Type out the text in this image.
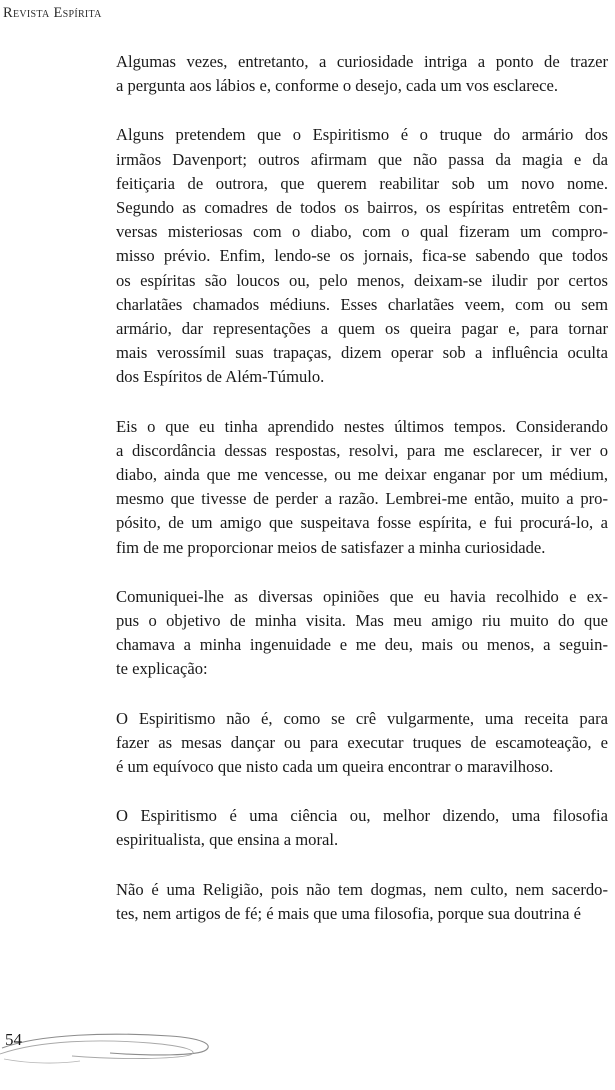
Revista Espírita

Algumas vezes, entretanto, a curiosidade intriga a ponto de trazer
a pergunta aos lábios e, conforme o desejo, cada um vos esclarece.

Alguns pretendem que o Espiritismo é o truque do armário dos
irmãos Davenport; outros afirmam que não passa da magia e da
feitiçaria de outrora, que querem reabilitar sob um novo nome.
Segundo as comadres de todos os bairros, os espíritas entretêm con-
versas misteriosas com o diabo, com o qual fizeram um compro-
misso prévio. Enfim, lendo-se os jornais, fica-se sabendo que todos
os espíritas são loucos ou, pelo menos, deixam-se iludir por certos
charlatães chamados médiuns. Esses charlatães veem, com ou sem
armário, dar representações a quem os queira pagar e, para tornar
mais verossímil suas trapaças, dizem operar sob a influência oculta
dos Espíritos de Além-Túmulo.

Eis o que eu tinha aprendido nestes últimos tempos. Considerando
a discordância dessas respostas, resolvi, para me esclarecer, ir ver o
diabo, ainda que me vencesse, ou me deixar enganar por um médium,
mesmo que tivesse de perder a razão. Lembrei-me então, muito a pro-
pósito, de um amigo que suspeitava fosse espírita, e fui procurá-lo, a
fim de me proporcionar meios de satisfazer a minha curiosidade.

Comuniquei-lhe as diversas opiniões que eu havia recolhido e ex-
pus o objetivo de minha visita. Mas meu amigo riu muito do que
chamava a minha ingenuidade e me deu, mais ou menos, a seguin-
te explicação:

O Espiritismo não é, como se crê vulgarmente, uma receita para
fazer as mesas dançar ou para executar truques de escamoteação, e
é um equívoco que nisto cada um queira encontrar o maravilhoso.

O Espiritismo é uma ciência ou, melhor dizendo, uma filosofia
espiritualista, que ensina a moral.

Não é uma Religião, pois não tem dogmas, nem culto, nem sacerdo-
tes, nem artigos de fé; é mais que uma filosofia, porque sua doutrina é

54
